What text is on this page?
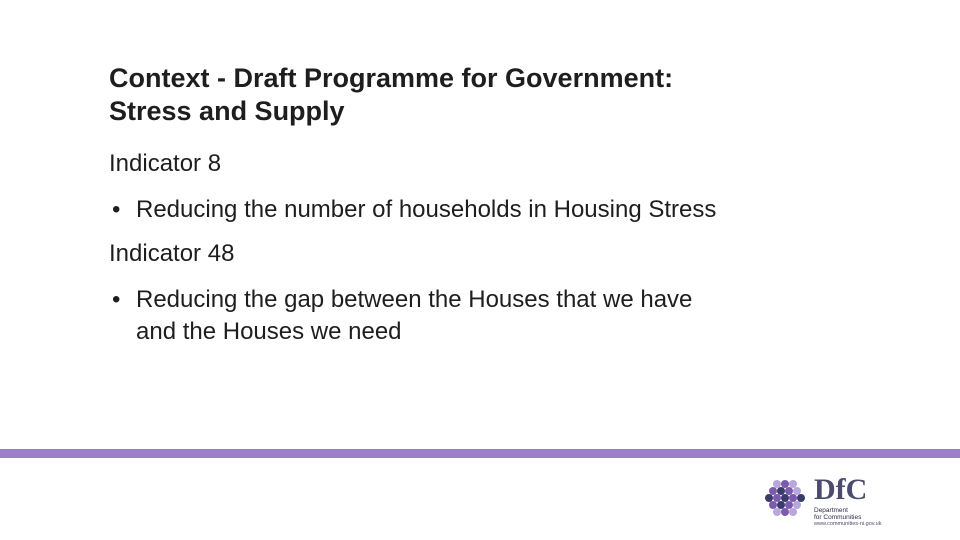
Context - Draft Programme for Government:
Stress and Supply

Indicator 8

• Reducing the number of households in Housing Stress

Indicator 48

• Reducing the gap between the Houses that we have and the Houses we need
DfC
Department
for Communities
www.communities-ni.gov.uk
